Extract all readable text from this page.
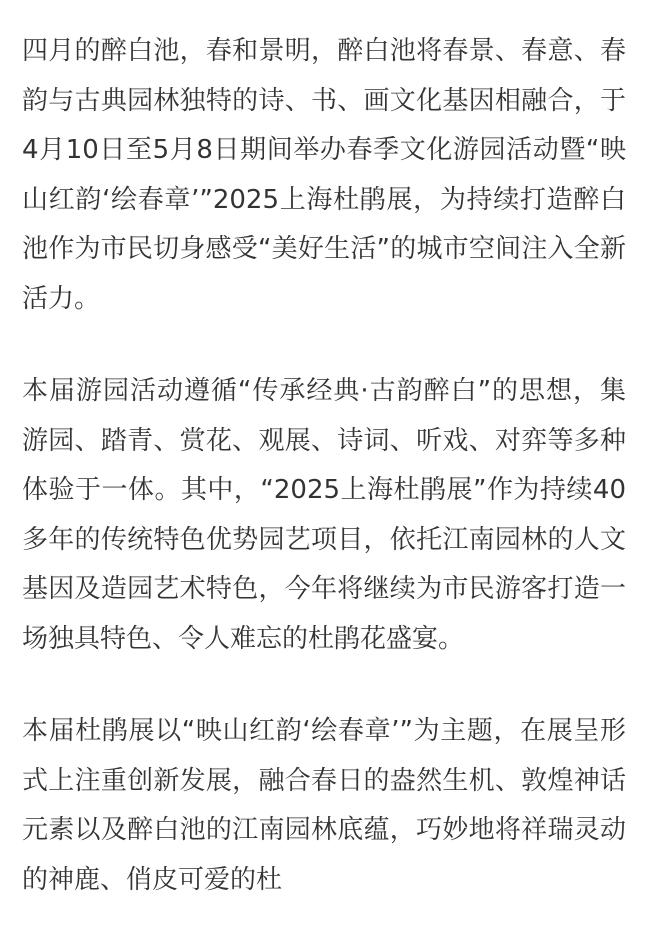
四月的醉白池，春和景明，醉白池将春景、春意、春韵与古典园林独特的诗、书、画文化基因相融合，于4月10日至5月8日期间举办春季文化游园活动暨“映山红韵‘绘春章’”2025上海杜鹃展，为持续打造醉白池作为市民切身感受“美好生活”的城市空间注入全新活力。

本届游园活动遵循“传承经典·古韵醉白”的思想，集游园、踏青、赏花、观展、诗词、听戏、对弈等多种体验于一体。其中，“2025上海杜鹃展”作为持续40多年的传统特色优势园艺项目，依托江南园林的人文基因及造园艺术特色，今年将继续为市民游客打造一场独具特色、令人难忘的杜鹃花盛宴。

本届杜鹃展以“映山红韵‘绘春章’”为主题，在展呈形式上注重创新发展，融合春日的盎然生机、敦煌神话元素以及醉白池的江南园林底蕴，巧妙地将祥瑞灵动的神鹿、俏皮可爱的杜
